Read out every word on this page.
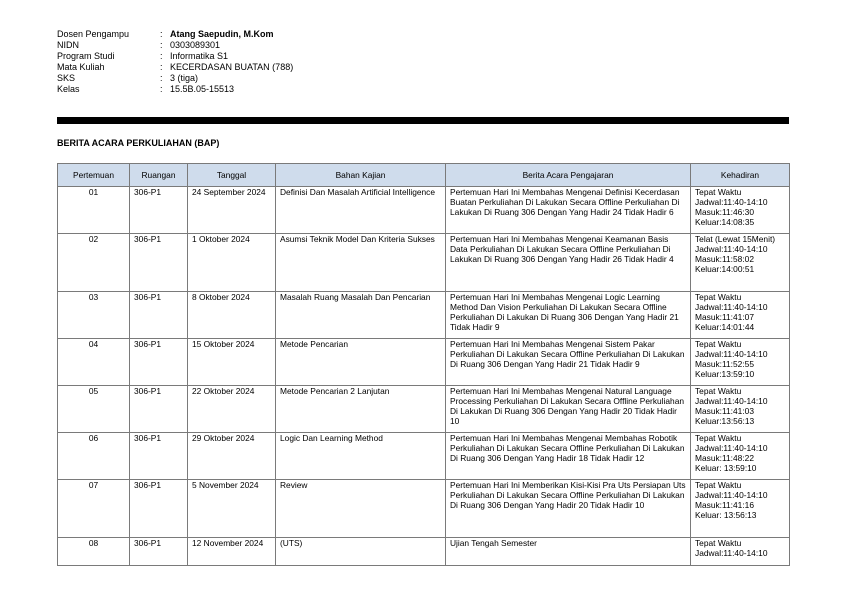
Dosen Pengampu	: Atang Saepudin, M.Kom
NIDN	: 0303089301
Program Studi	: Informatika S1
Mata Kuliah	: KECERDASAN BUATAN (788)
SKS	: 3 (tiga)
Kelas	: 15.5B.05-15513
BERITA ACARA PERKULIAHAN (BAP)
Pertemuan	Ruangan	Tanggal	Bahan Kajian	Berita Acara Pengajaran	Kehadiran
01	306-P1	24 September 2024	Definisi Dan Masalah Artificial Intelligence	Pertemuan Hari Ini Membahas Mengenai Definisi Kecerdasan Buatan Perkuliahan Di Lakukan Secara Offline Perkuliahan Di Lakukan Di Ruang 306 Dengan Yang Hadir 24 Tidak Hadir 6	Tepat Waktu
Jadwal:11:40-14:10
Masuk:11:46:30
Keluar:14:08:35

02	306-P1	1 Oktober 2024	Asumsi Teknik Model Dan Kriteria Sukses	Pertemuan Hari Ini Membahas Mengenai Keamanan Basis Data Perkuliahan Di Lakukan Secara Offline Perkuliahan Di Lakukan Di Ruang 306 Dengan Yang Hadir 26 Tidak Hadir 4	Telat (Lewat 15Menit)
Jadwal:11:40-14:10
Masuk:11:58:02
Keluar:14:00:51

03	306-P1	8 Oktober 2024	Masalah Ruang Masalah Dan Pencarian	Pertemuan Hari Ini Membahas Mengenai Logic Learning Method Dan Vision Perkuliahan Di Lakukan Secara Offline Perkuliahan Di Lakukan Di Ruang 306 Dengan Yang Hadir 21 Tidak Hadir 9	Tepat Waktu
Jadwal:11:40-14:10
Masuk:11:41:07
Keluar:14:01:44

04	306-P1	15 Oktober 2024	Metode Pencarian	Pertemuan Hari Ini Membahas Mengenai Sistem Pakar Perkuliahan Di Lakukan Secara Offline Perkuliahan Di Lakukan Di Ruang 306 Dengan Yang Hadir 21 Tidak Hadir 9	Tepat Waktu
Jadwal:11:40-14:10
Masuk:11:52:55
Keluar:13:59:10

05	306-P1	22 Oktober 2024	Metode Pencarian 2 Lanjutan	Pertemuan Hari Ini Membahas Mengenai Natural Language Processing Perkuliahan Di Lakukan Secara Offline Perkuliahan Di Lakukan Di Ruang 306 Dengan Yang Hadir 20 Tidak Hadir 10	Tepat Waktu
Jadwal:11:40-14:10
Masuk:11:41:03
Keluar:13:56:13

06	306-P1	29 Oktober 2024	Logic Dan Learning Method	Pertemuan Hari Ini Membahas Mengenai Membahas Robotik Perkuliahan Di Lakukan Secara Offline Perkuliahan Di Lakukan Di Ruang 306 Dengan Yang Hadir 18 Tidak Hadir 12	Tepat Waktu
Jadwal:11:40-14:10
Masuk:11:48:22
Keluar: 13:59:10

07	306-P1	5 November 2024	Review	Pertemuan Hari Ini Memberikan Kisi-Kisi Pra Uts Persiapan Uts Perkuliahan Di Lakukan Secara Offline Perkuliahan Di Lakukan Di Ruang 306 Dengan Yang Hadir 20 Tidak Hadir 10	Tepat Waktu
Jadwal:11:40-14:10
Masuk:11:41:16
Keluar: 13:56:13

08	306-P1	12 November 2024	(UTS)	Ujian Tengah Semester	Tepat Waktu
Jadwal:11:40-14:10
